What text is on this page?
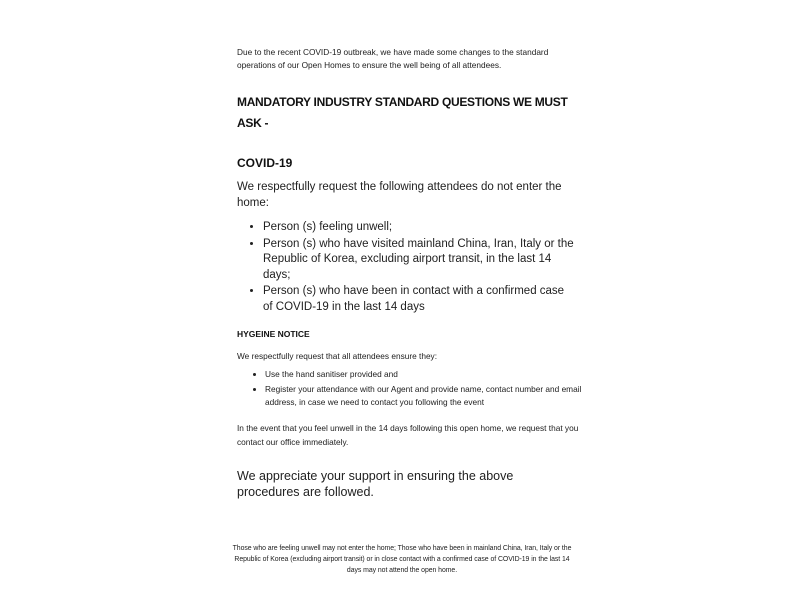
Due to the recent COVID-19 outbreak, we have made some changes to the standard operations of our Open Homes to ensure the well being of all attendees.

MANDATORY INDUSTRY STANDARD QUESTIONS WE MUST ASK -
COVID-19

We respectfully request the following attendees do not enter the home:

• Person (s) feeling unwell;
• Person (s) who have visited mainland China, Iran, Italy or the Republic of Korea, excluding airport transit, in the last 14 days;
• Person (s) who have been in contact with a confirmed case of COVID-19 in the last 14 days
HYGEINE NOTICE

We respectfully request that all attendees ensure they:

• Use the hand sanitiser provided and
• Register your attendance with our Agent and provide name, contact number and email address, in case we need to contact you following the event

In the event that you feel unwell in the 14 days following this open home, we request that you contact our office immediately.

We appreciate your support in ensuring the above procedures are followed.

Those who are feeling unwell may not enter the home; Those who have been in mainland China, Iran, Italy or the Republic of Korea (excluding airport transit) or in close contact with a confirmed case of COVID-19 in the last 14 days may not attend the open home.
